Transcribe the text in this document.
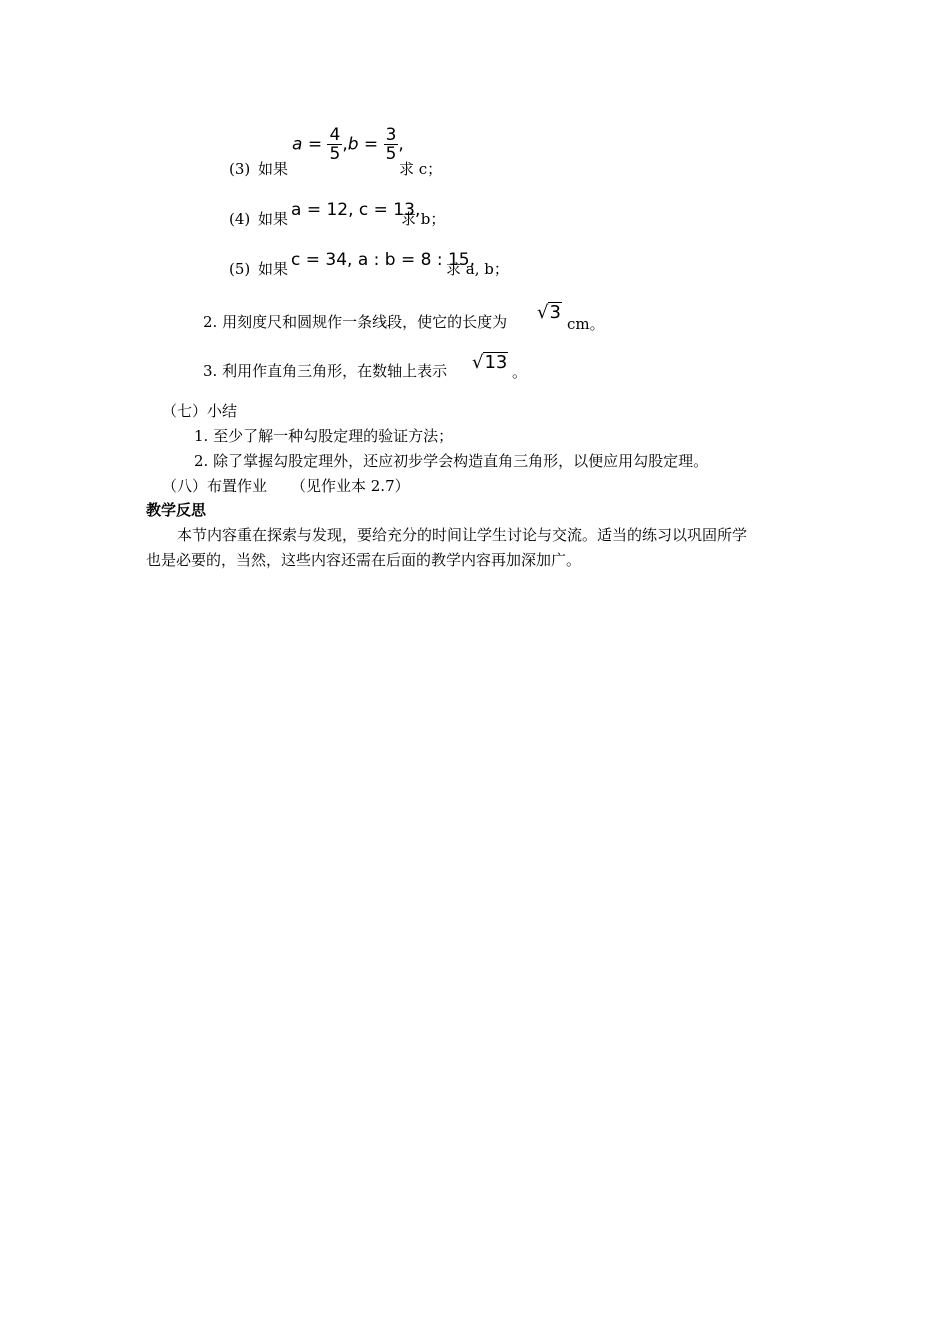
(3) 如果
$a = \frac{4}{5} ,b = \frac{3}{5}$ ,
求 c；
(4) 如果 a = 12, c = 13,
求 b；
(5) 如果 c = 34, a : b = 8 : 15,
求 a, b；
2. 用刻度尺和圆规作一条线段，使它的长度为 √3
cm。
3. 利用作直角三角形，在数轴上表示 √13 。
（七）小结
1. 至少了解一种勾股定理的验证方法；
2. 除了掌握勾股定理外，还应初步学会构造直角三角形，以便应用勾股定理。
（八）布置作业 （见作业本 2.7）
教学反思
本节内容重在探索与发现，要给充分的时间让学生讨论与交流。适当的练习以巩固所学
也是必要的，当然，这些内容还需在后面的教学内容再加深加广。
